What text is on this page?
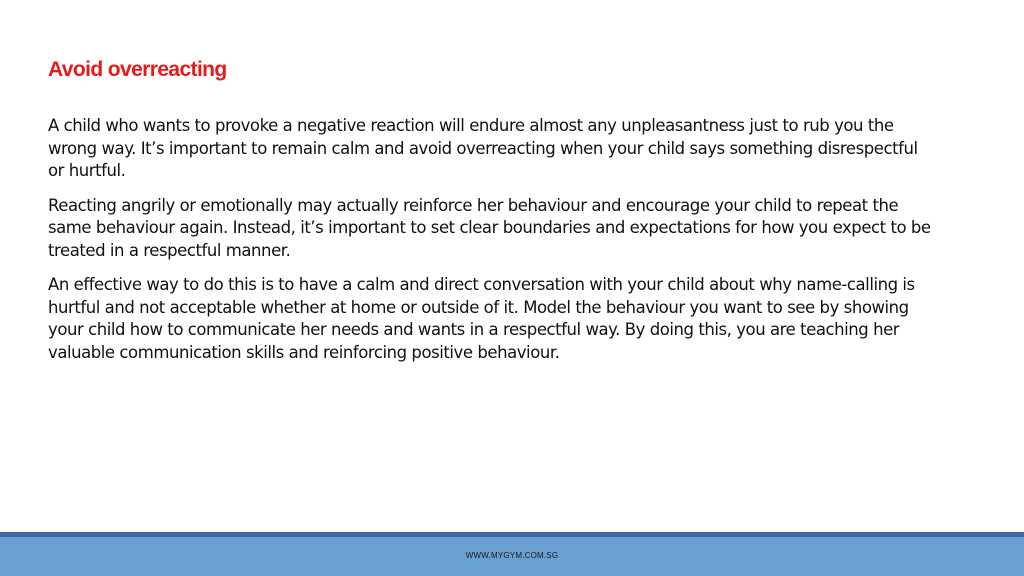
Avoid overreacting

A child who wants to provoke a negative reaction will endure almost any unpleasantness just to rub you the wrong way. It’s important to remain calm and avoid overreacting when your child says something disrespectful or hurtful.

Reacting angrily or emotionally may actually reinforce her behaviour and encourage your child to repeat the same behaviour again. Instead, it’s important to set clear boundaries and expectations for how you expect to be treated in a respectful manner.

An effective way to do this is to have a calm and direct conversation with your child about why name-calling is hurtful and not acceptable whether at home or outside of it. Model the behaviour you want to see by showing your child how to communicate her needs and wants in a respectful way. By doing this, you are teaching her valuable communication skills and reinforcing positive behaviour.

WWW.MYGYM.COM.SG
